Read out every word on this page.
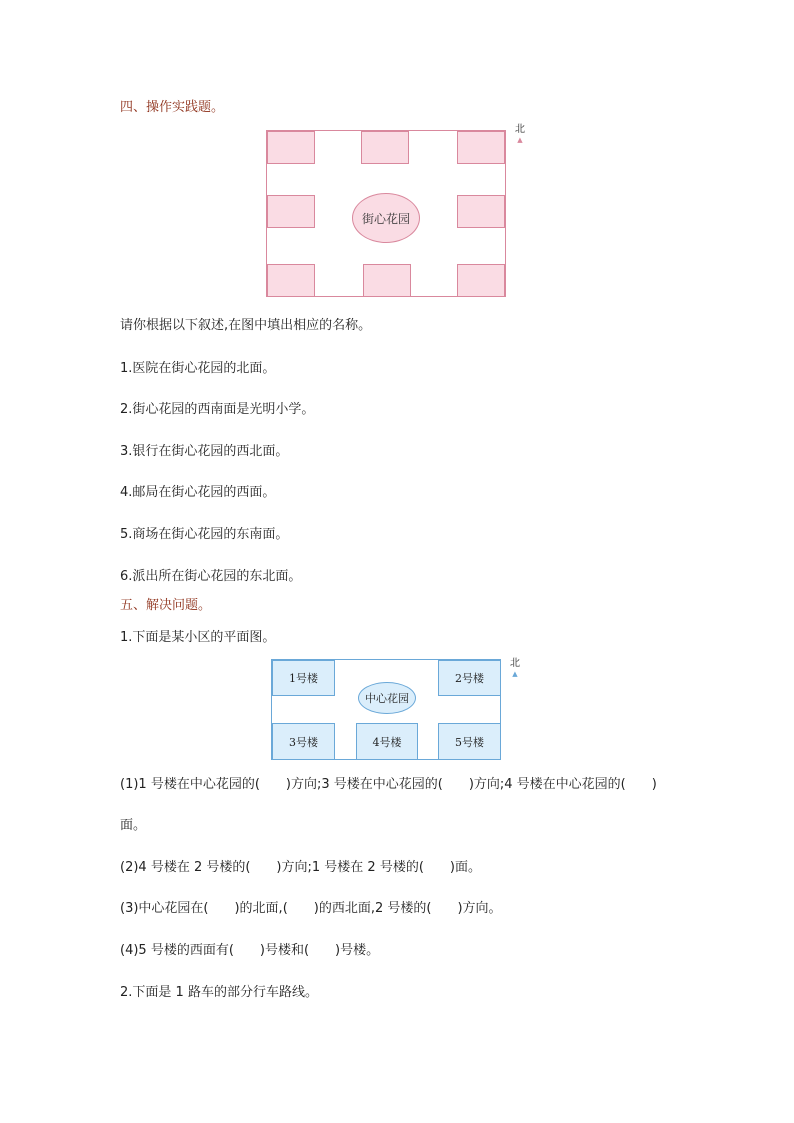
四、操作实践题。
街心花园
北
▲
请你根据以下叙述,在图中填出相应的名称。
1.医院在街心花园的北面。
2.街心花园的西南面是光明小学。
3.银行在街心花园的西北面。
4.邮局在街心花园的西面。
5.商场在街心花园的东南面。
6.派出所在街心花园的东北面。
五、解决问题。
1.下面是某小区的平面图。
1号楼	2号楼
中心花园
3号楼	4号楼	5号楼
北
▲
(1)1 号楼在中心花园的(　　)方向;3 号楼在中心花园的(　　)方向;4 号楼在中心花园的(　　)
面。
(2)4 号楼在 2 号楼的(　　)方向;1 号楼在 2 号楼的(　　)面。
(3)中心花园在(　　)的北面,(　　)的西北面,2 号楼的(　　)方向。
(4)5 号楼的西面有(　　)号楼和(　　)号楼。
2.下面是 1 路车的部分行车路线。
